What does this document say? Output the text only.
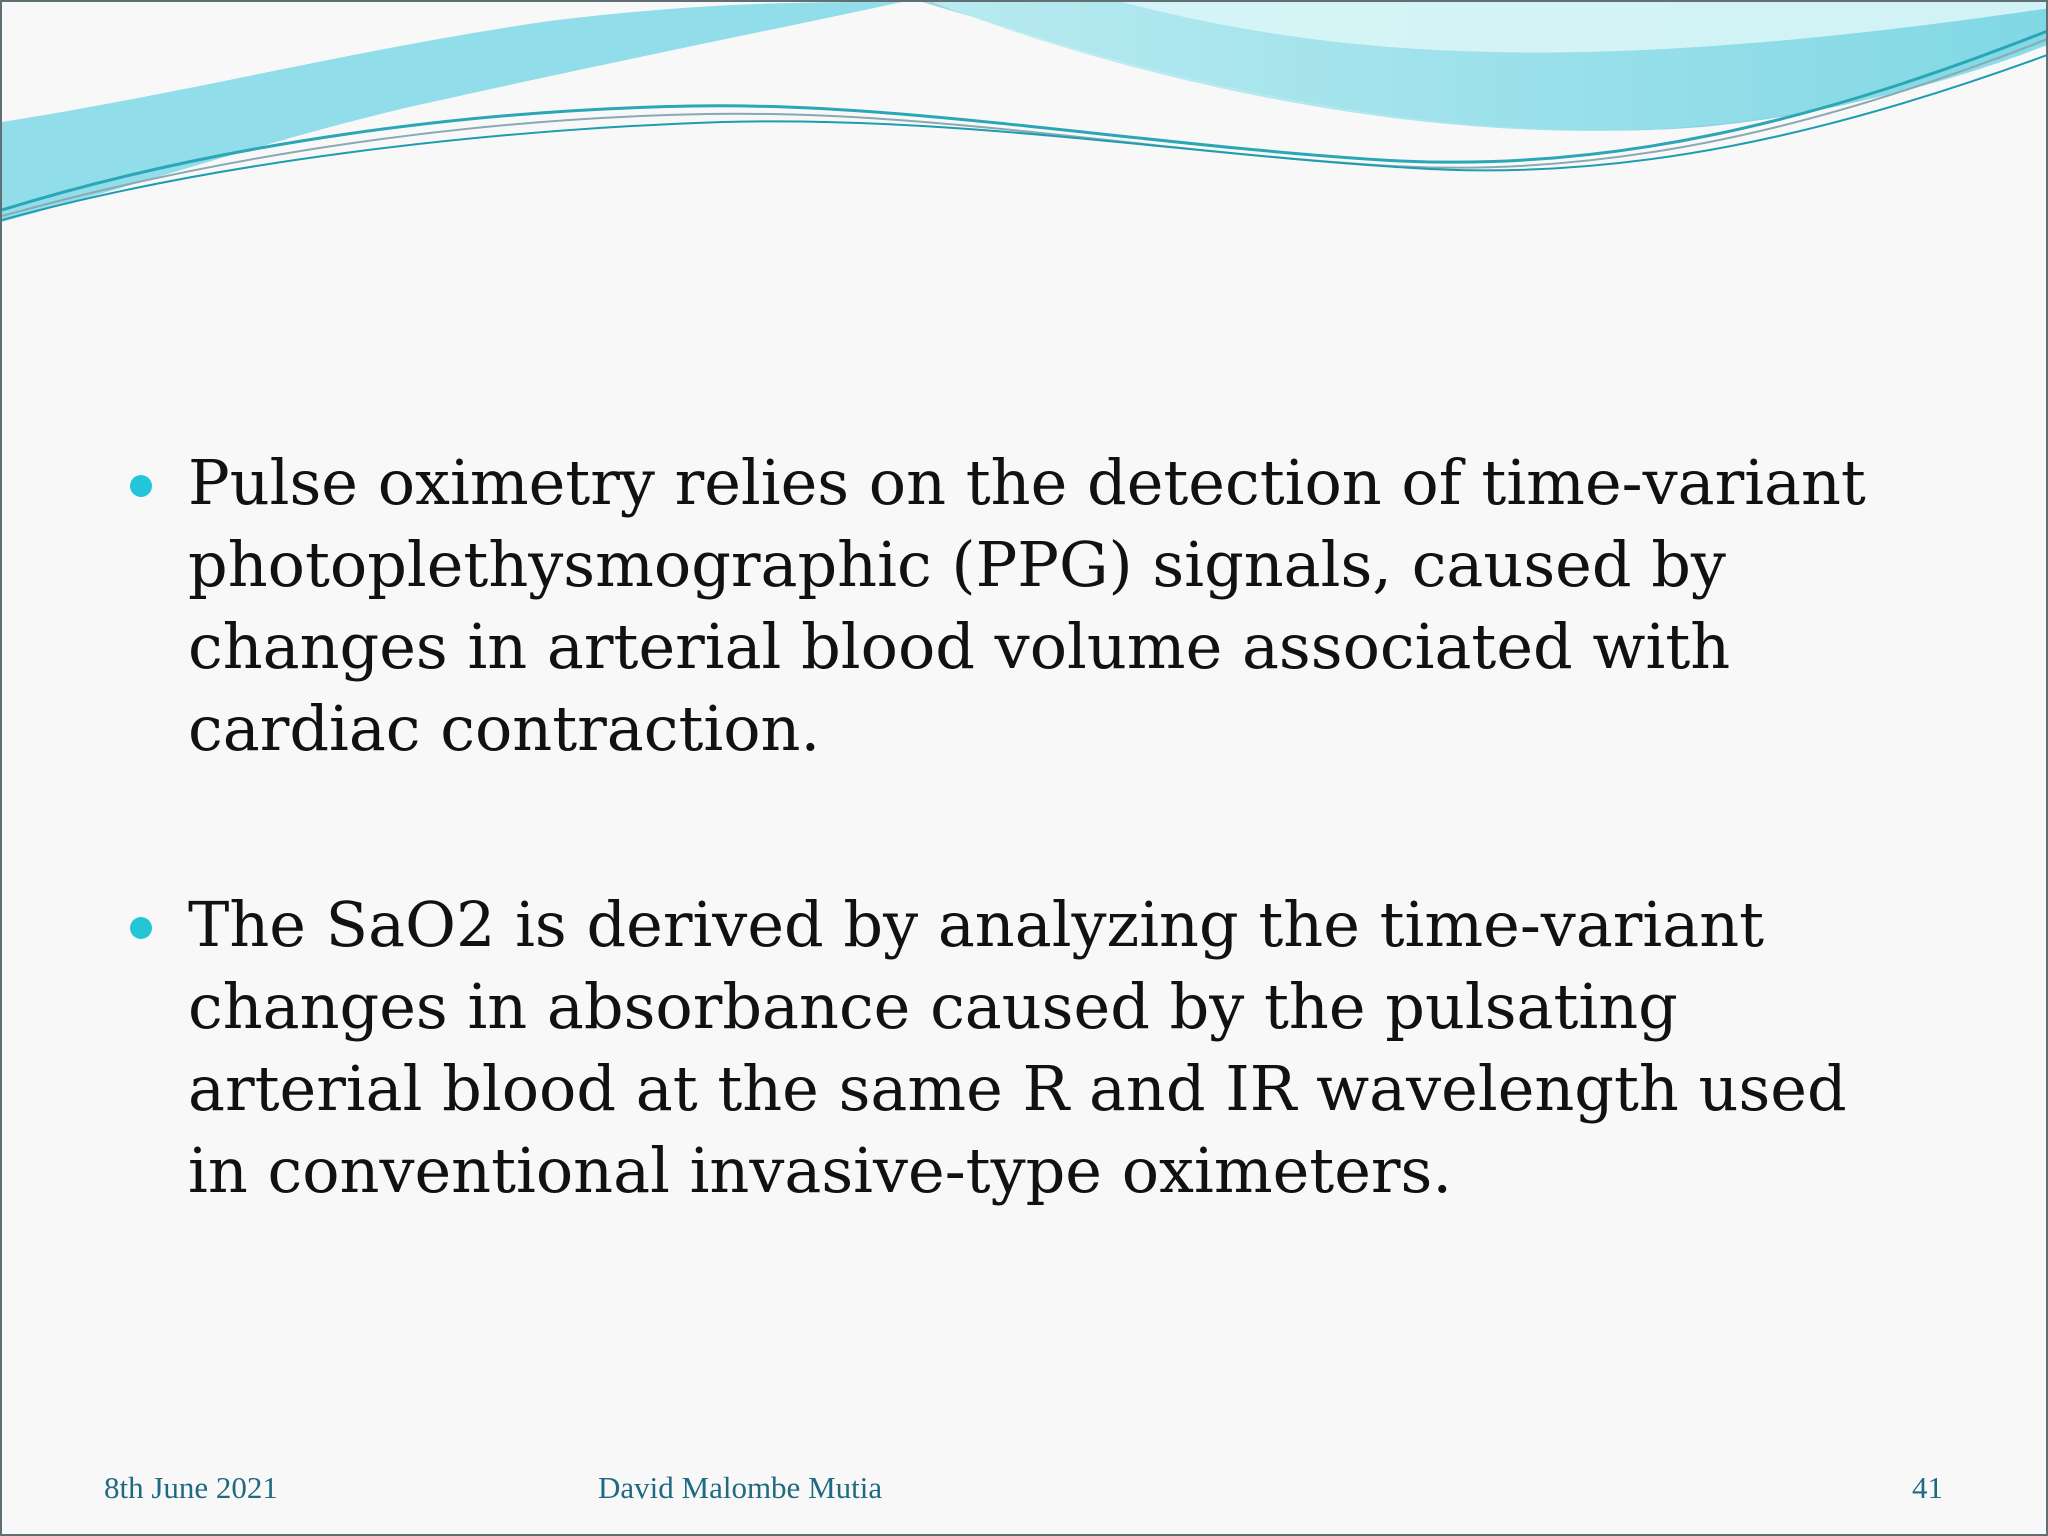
Pulse oximetry relies on the detection of time-variant photoplethysmographic (PPG) signals, caused by changes in arterial blood volume associated with cardiac contraction.

The SaO2 is derived by analyzing the time-variant changes in absorbance caused by the pulsating arterial blood at the same R and IR wavelength used in conventional invasive-type oximeters.

8th June 2021	David Malombe Mutia	41
